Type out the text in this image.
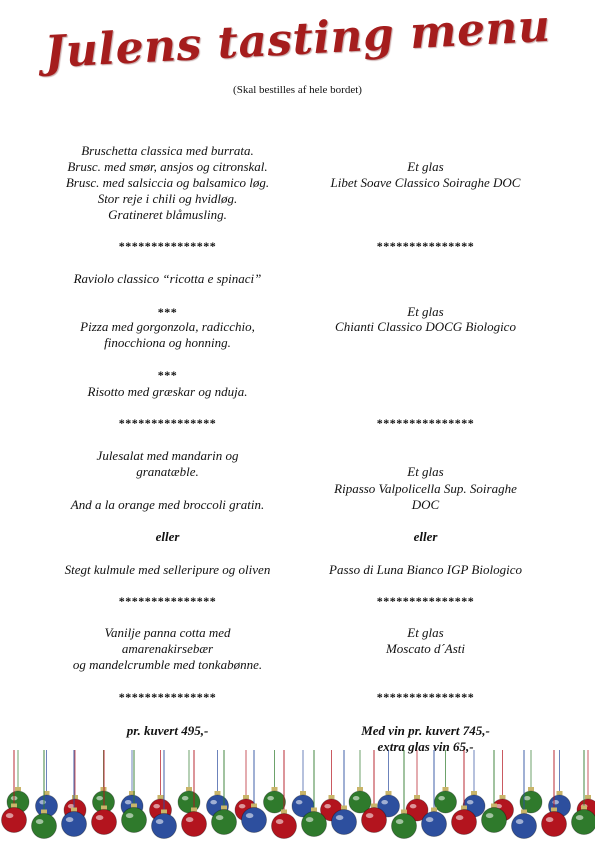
Julens tasting menu
(Skal bestilles af hele bordet)
Bruschetta classica med burrata.
Brusc. med smør, ansjos og citronskal.
Brusc. med salsiccia og balsamico løg.
Stor reje i chili og hvidløg.
Gratineret blåmusling.
***************
Raviolo classico “ricotta e spinaci”
***
Pizza med gorgonzola, radicchio,
finocchiona og honning.
***
Risotto med græskar og nduja.
***************
Julesalat med mandarin og
granatæble.
And a la orange med broccoli gratin.
eller
Stegt kulmule med selleripure og oliven
***************
Vanilje panna cotta med
amarenakirsebær
og mandelcrumble med tonkabønne.
***************
pr. kuvert 495,-
Et glas
Libet Soave Classico Soiraghe DOC
***************
Et glas
Chianti Classico DOCG Biologico
***************
Et glas
Ripasso Valpolicella Sup. Soiraghe
DOC
eller
Passo di Luna Bianco IGP Biologico
***************
Et glas
Moscato d´Asti
***************
Med vin pr. kuvert 745,-
extra glas vin 65,-
